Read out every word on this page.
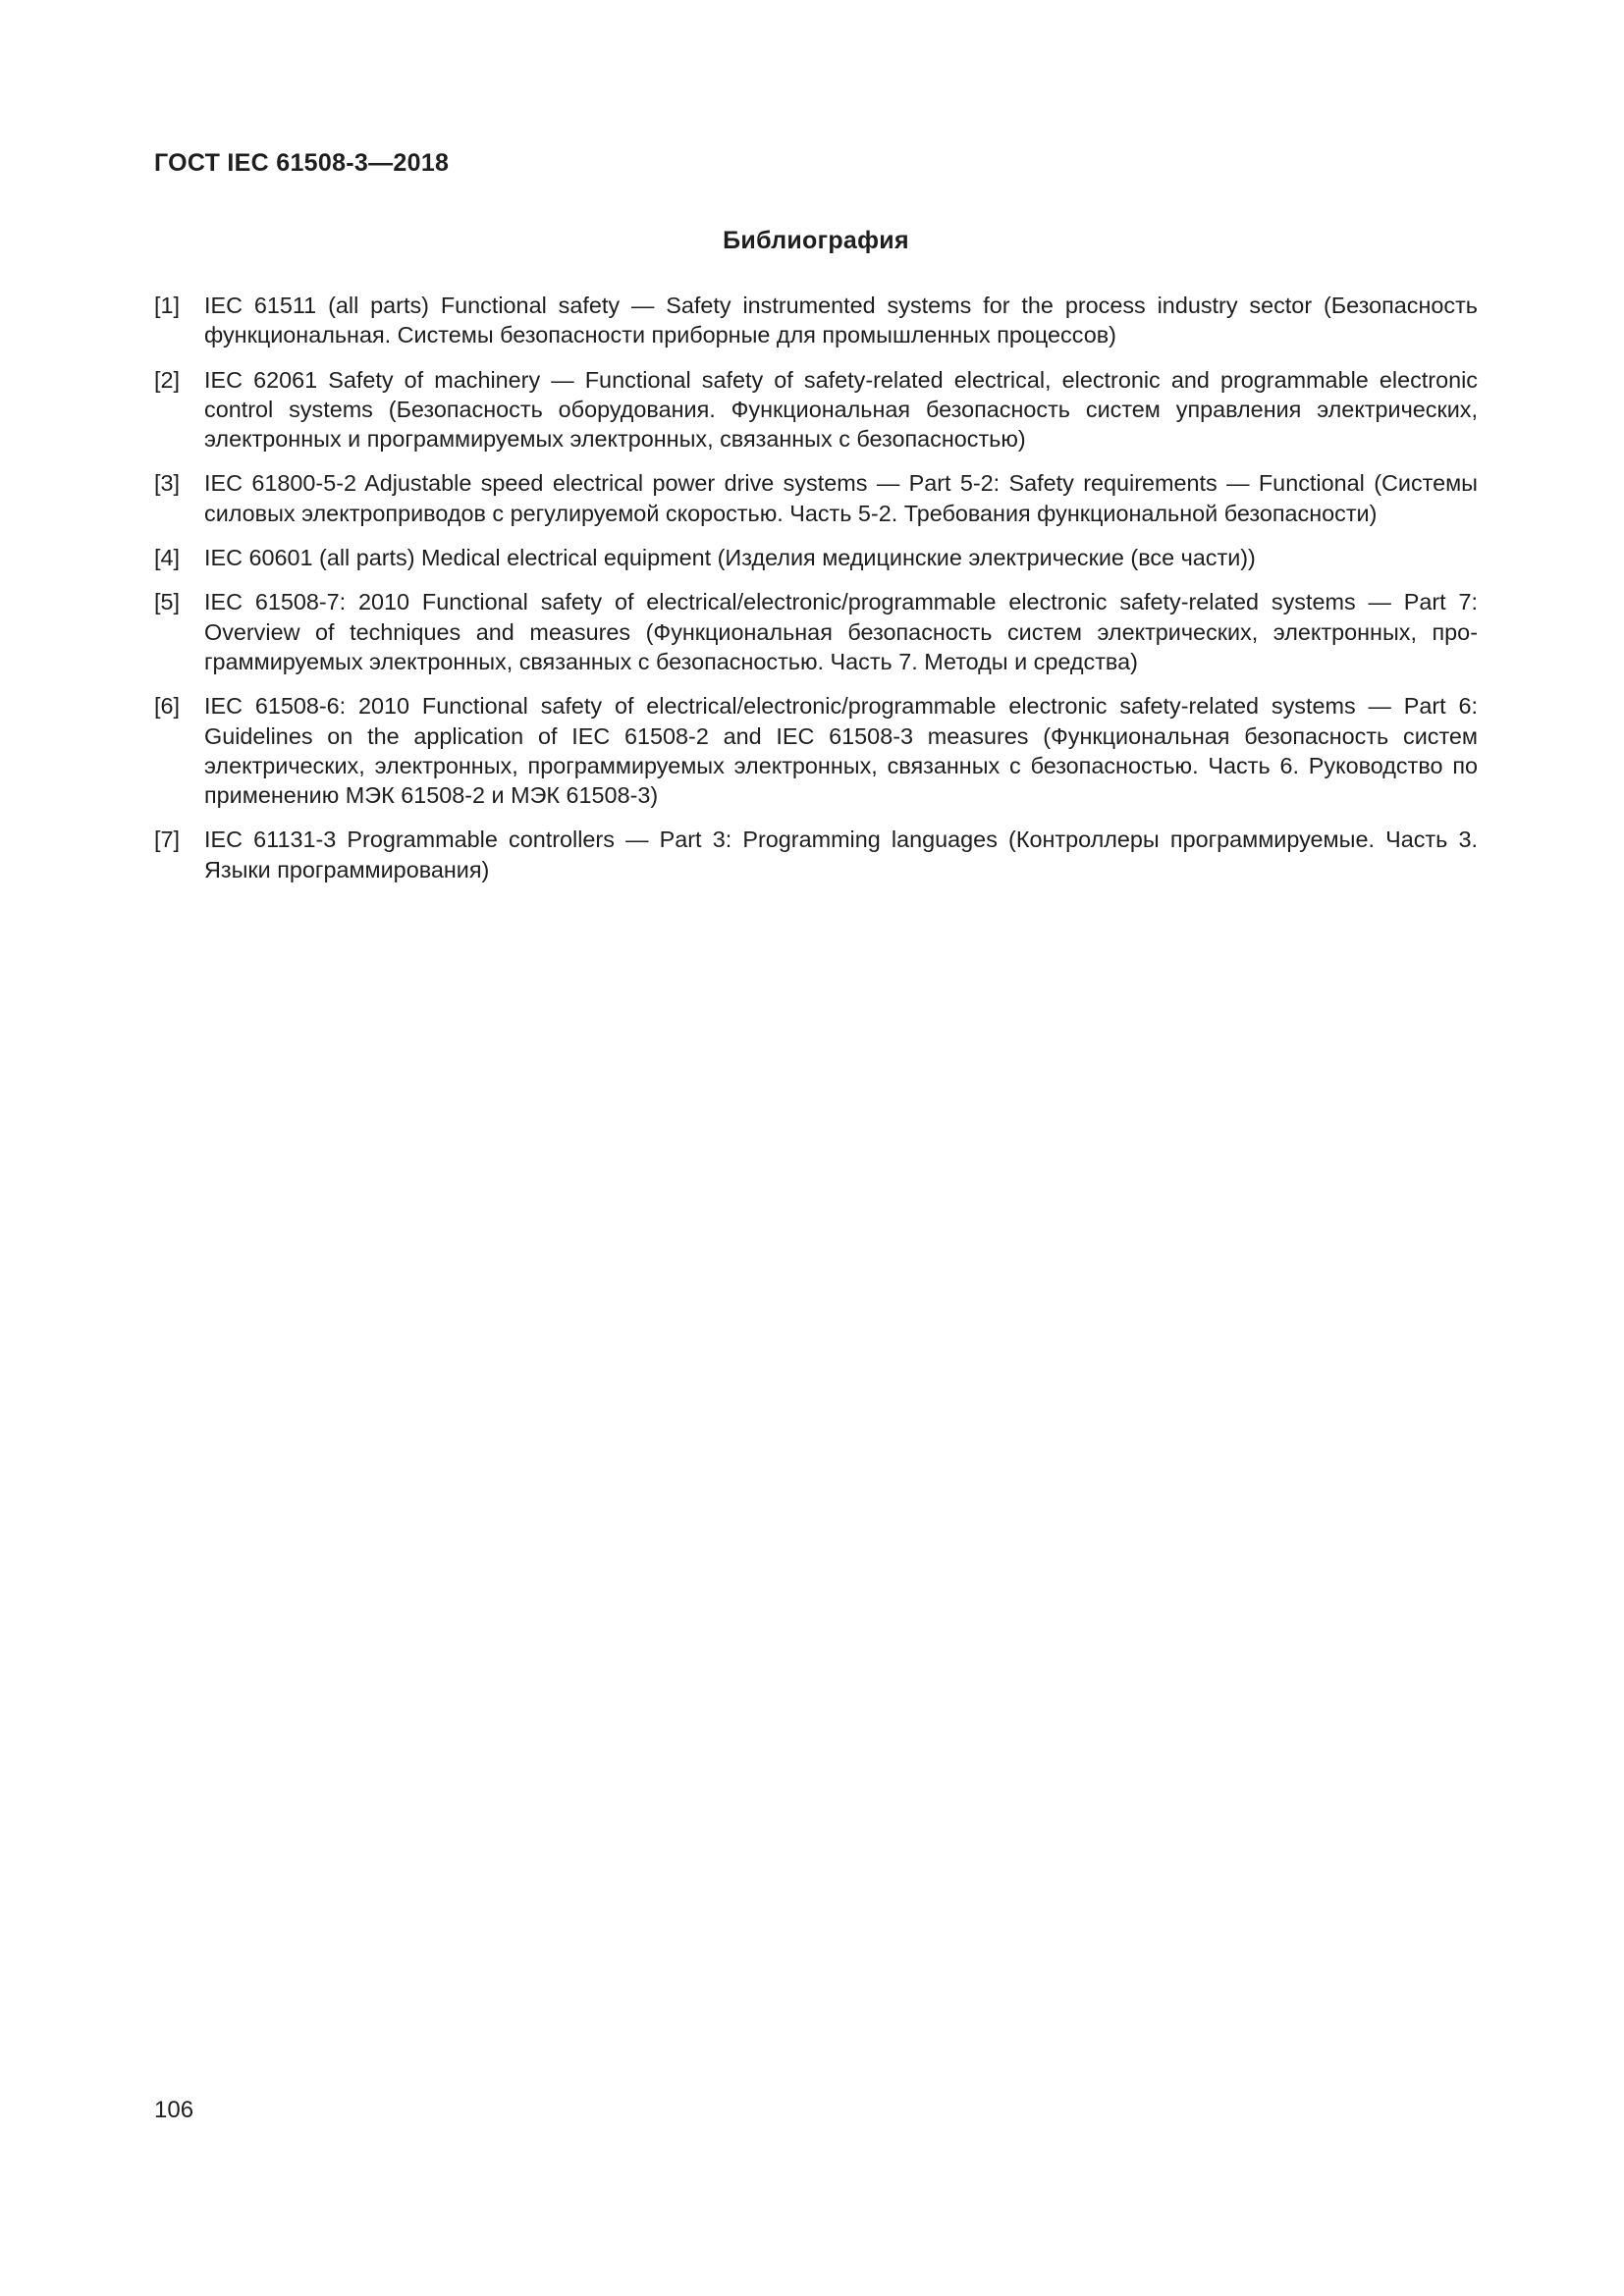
ГОСТ IEC 61508-3—2018
Библиография
[1]	IEC 61511 (all parts) Functional safety — Safety instrumented systems for the process industry sector (Безопасность функциональная. Системы безопасности приборные для промышленных процессов)
[2]	IEC 62061 Safety of machinery — Functional safety of safety-related electrical, electronic and programmable electronic control systems (Безопасность оборудования. Функциональная безопасность систем управления электрических, электронных и программируемых электронных, связанных с безопасностью)
[3]	IEC 61800-5-2 Adjustable speed electrical power drive systems — Part 5-2: Safety requirements — Functional (Системы силовых электроприводов с регулируемой скоростью. Часть 5-2. Требования функциональной безопасности)
[4]	IEC 60601 (all parts) Medical electrical equipment (Изделия медицинские электрические (все части))
[5]	IEC 61508-7: 2010 Functional safety of electrical/electronic/programmable electronic safety-related systems — Part 7: Overview of techniques and measures (Функциональная безопасность систем электрических, электронных, программируемых электронных, связанных с безопасностью. Часть 7. Методы и средства)
[6]	IEC 61508-6: 2010 Functional safety of electrical/electronic/programmable electronic safety-related systems — Part 6: Guidelines on the application of IEC 61508-2 and IEC 61508-3 measures (Функциональная безопасность систем электрических, электронных, программируемых электронных, связанных с безопасностью. Часть 6. Руководство по применению МЭК 61508-2 и МЭК 61508-3)
[7]	IEC 61131-3 Programmable controllers — Part 3: Programming languages (Контроллеры программируемые. Часть 3. Языки программирования)
106
